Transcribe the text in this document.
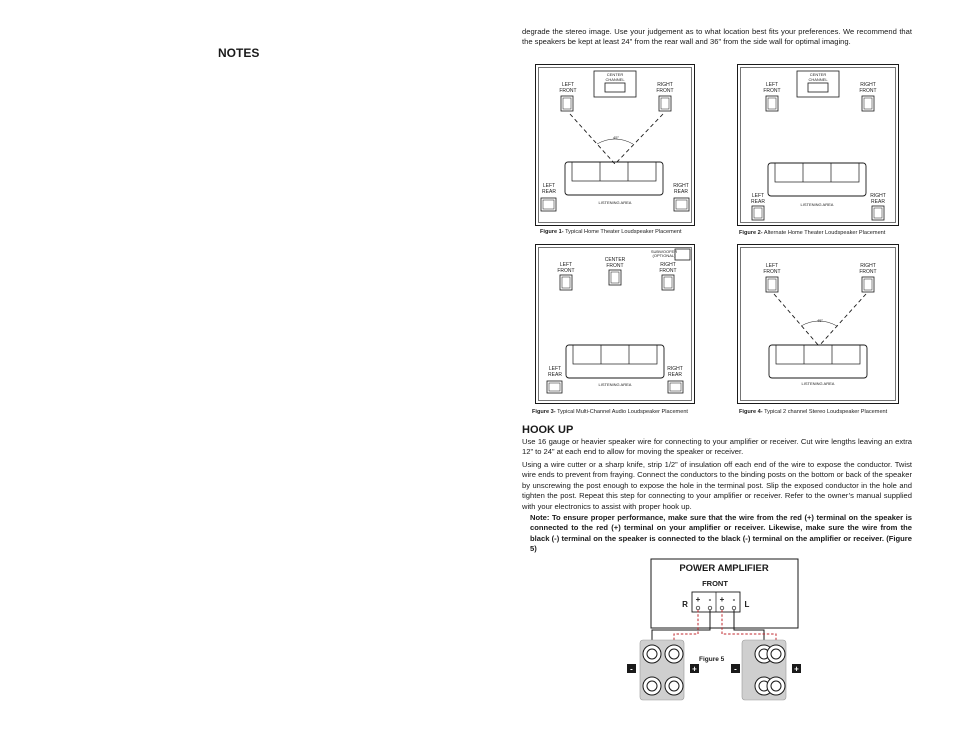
NOTES

degrade the stereo image. Use your judgement as to what location best fits your preferences. We recommend that the speakers be kept at least 24" from the rear wall and 36" from the side wall for optimal imaging.

CENTER
CHANNEL
LEFT
FRONT
RIGHT
FRONT
45°
LEFT
REAR
RIGHT
REAR
LISTENING AREA
Figure 1- Typical Home Theater Loudspeaker Placement
CENTER
CHANNEL
LEFT
FRONT
RIGHT
FRONT
LEFT
REAR
RIGHT
REAR
LISTENING AREA
Figure 2- Alternate Home Theater Loudspeaker Placement
SUBWOOFER
(OPTIONAL)
LEFT
FRONT
CENTER
FRONT	RIGHT
FRONT
LEFT
REAR
RIGHT
REAR
LISTENING AREA
Figure 3- Typical Multi-Channel Audio Loudspeaker Placement
LEFT
FRONT
RIGHT
FRONT
45°
LISTENING AREA
Figure 4- Typical 2 channel Stereo Loudspeaker Placement
HOOK UP

Use 16 gauge or heavier speaker wire for connecting to your amplifier or receiver. Cut wire lengths leaving an extra 12” to 24” at each end to allow for moving the speaker or receiver.

Using a wire cutter or a sharp knife, strip 1/2” of insulation off each end of the wire to expose the conductor. Twist wire ends to prevent from fraying. Connect the conductors to the binding posts on the bottom or back of the speaker by unscrewing the post enough to expose the hole in the terminal post. Slip the exposed conductor in the hole and tighten the post. Repeat this step for connecting to your amplifier or receiver. Refer to the owner’s manual supplied with your electronics to assist with proper hook up.

Note: To ensure proper performance, make sure that the wire from the red (+) terminal on the speaker is connected to the red (+) terminal on your amplifier or receiver. Likewise, make sure the wire from the black (-) terminal on the speaker is connected to the black (-) terminal on the amplifier or receiver. (Figure 5)

POWER AMPLIFIER
FRONT
R	L
+ - + -
-	+	-	+
Figure 5
